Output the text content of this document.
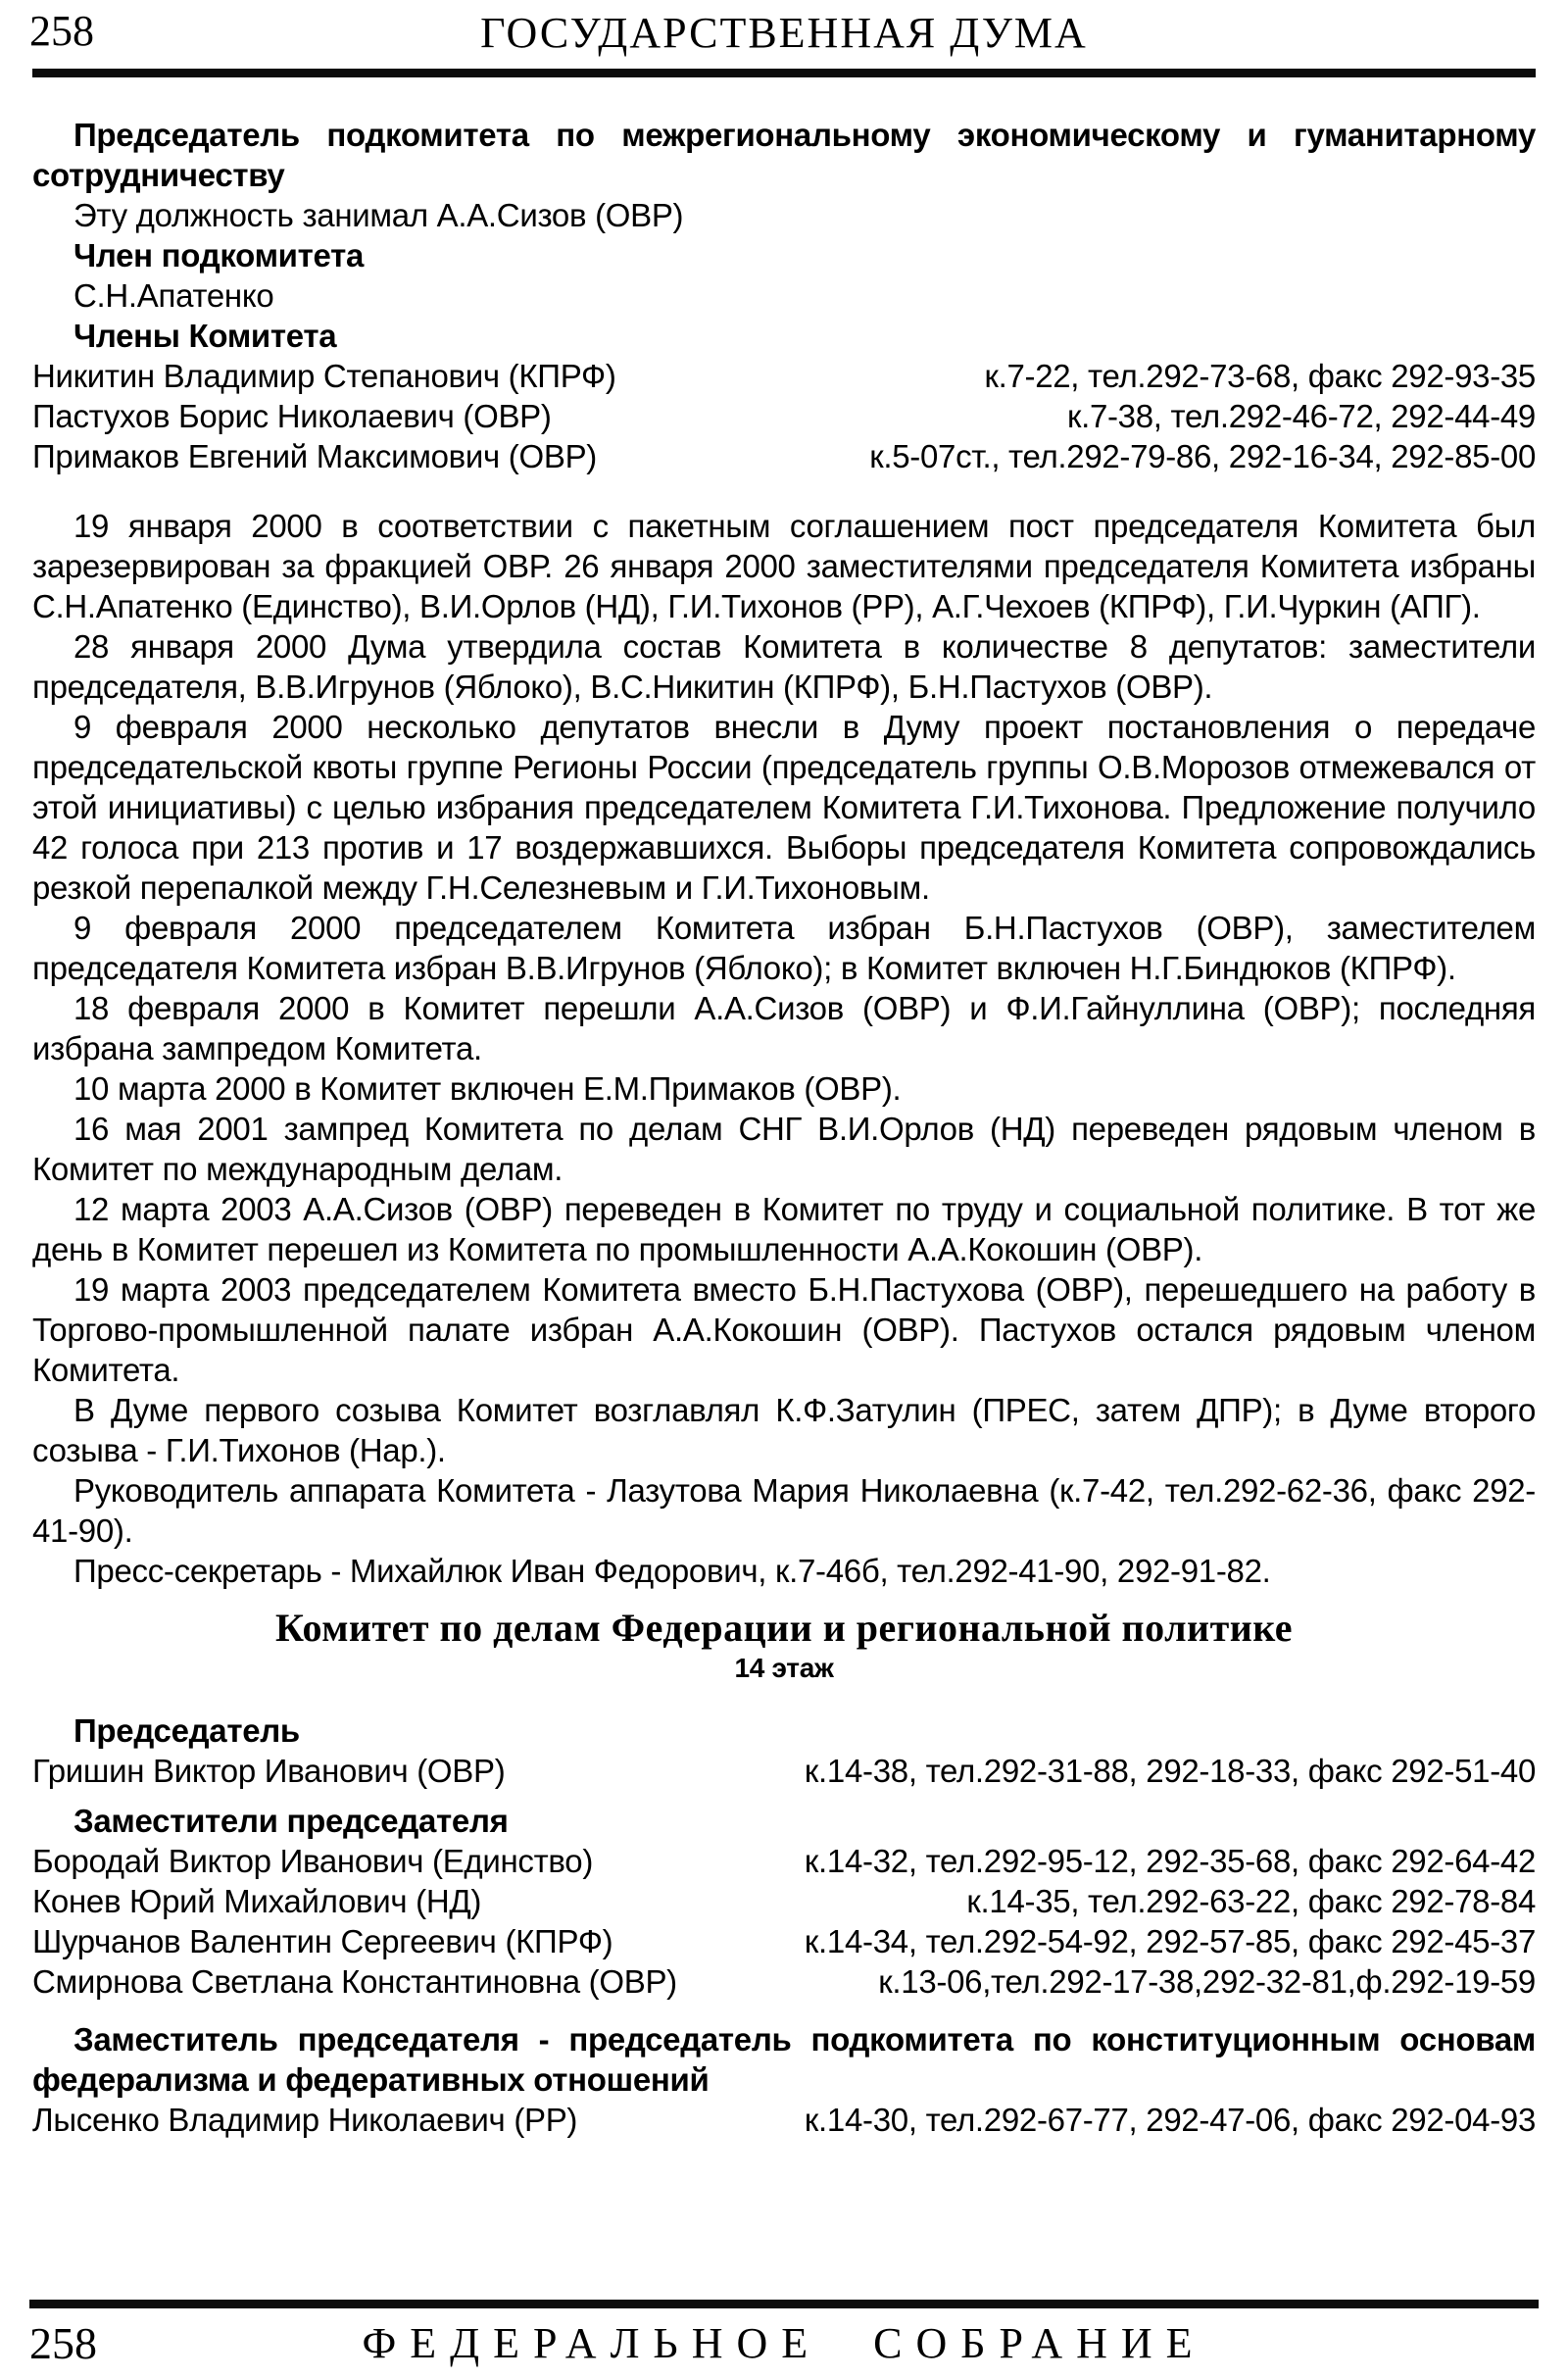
258	ГОСУДАРСТВЕННАЯ ДУМА

Председатель подкомитета по межрегиональному экономическому и гуманитарному сотрудничеству

Эту должность занимал А.А.Сизов (ОВР)

Член подкомитета

С.Н.Апатенко

Члены Комитета

Никитин Владимир Степанович (КПРФ)	к.7-22, тел.292-73-68, факс 292-93-35
Пастухов Борис Николаевич (ОВР)	к.7-38, тел.292-46-72, 292-44-49
Примаков Евгений Максимович (ОВР)	к.5-07ст., тел.292-79-86, 292-16-34, 292-85-00

19 января 2000 в соответствии с пакетным соглашением пост председателя Комитета был зарезервирован за фракцией ОВР. 26 января 2000 заместителями председателя Комитета избраны С.Н.Апатенко (Единство), В.И.Орлов (НД), Г.И.Тихонов (РР), А.Г.Чехоев (КПРФ), Г.И.Чуркин (АПГ).

28 января 2000 Дума утвердила состав Комитета в количестве 8 депутатов: заместители председателя, В.В.Игрунов (Яблоко), В.С.Никитин (КПРФ), Б.Н.Пастухов (ОВР).

9 февраля 2000 несколько депутатов внесли в Думу проект постановления о передаче председательской квоты группе Регионы России (председатель группы О.В.Морозов отмежевался от этой инициативы) с целью избрания председателем Комитета Г.И.Тихонова. Предложение получило 42 голоса при 213 против и 17 воздержавшихся. Выборы председателя Комитета сопровождались резкой перепалкой между Г.Н.Селезневым и Г.И.Тихоновым.

9 февраля 2000 председателем Комитета избран Б.Н.Пастухов (ОВР), заместителем председателя Комитета избран В.В.Игрунов (Яблоко); в Комитет включен Н.Г.Биндюков (КПРФ).

18 февраля 2000 в Комитет перешли А.А.Сизов (ОВР) и Ф.И.Гайнуллина (ОВР); последняя избрана зампредом Комитета.

10 марта 2000 в Комитет включен Е.М.Примаков (ОВР).

16 мая 2001 зампред Комитета по делам СНГ В.И.Орлов (НД) переведен рядовым членом в Комитет по международным делам.

12 марта 2003 А.А.Сизов (ОВР) переведен в Комитет по труду и социальной политике. В тот же день в Комитет перешел из Комитета по промышленности А.А.Кокошин (ОВР).

19 марта 2003 председателем Комитета вместо Б.Н.Пастухова (ОВР), перешедшего на работу в Торгово-промышленной палате избран А.А.Кокошин (ОВР). Пастухов остался рядовым членом Комитета.

В Думе первого созыва Комитет возглавлял К.Ф.Затулин (ПРЕС, затем ДПР); в Думе второго созыва - Г.И.Тихонов (Нар.).

Руководитель аппарата Комитета - Лазутова Мария Николаевна (к.7-42, тел.292-62-36, факс 292-41-90).

Пресс-секретарь - Михайлюк Иван Федорович, к.7-46б, тел.292-41-90, 292-91-82.

Комитет по делам Федерации и региональной политике
14 этаж

Председатель

Гришин Виктор Иванович (ОВР)	к.14-38, тел.292-31-88, 292-18-33, факс 292-51-40

Заместители председателя

Бородай Виктор Иванович (Единство)	к.14-32, тел.292-95-12, 292-35-68, факс 292-64-42
Конев Юрий Михайлович (НД)	к.14-35, тел.292-63-22, факс 292-78-84
Шурчанов Валентин Сергеевич (КПРФ)	к.14-34, тел.292-54-92, 292-57-85, факс 292-45-37
Смирнова Светлана Константиновна (ОВР)	к.13-06,тел.292-17-38,292-32-81,ф.292-19-59

Заместитель председателя - председатель подкомитета по конституционным основам федерализма и федеративных отношений

Лысенко Владимир Николаевич (РР)	к.14-30, тел.292-67-77, 292-47-06, факс 292-04-93
258	ФЕДЕРАЛЬНОЕ СОБРАНИЕ
